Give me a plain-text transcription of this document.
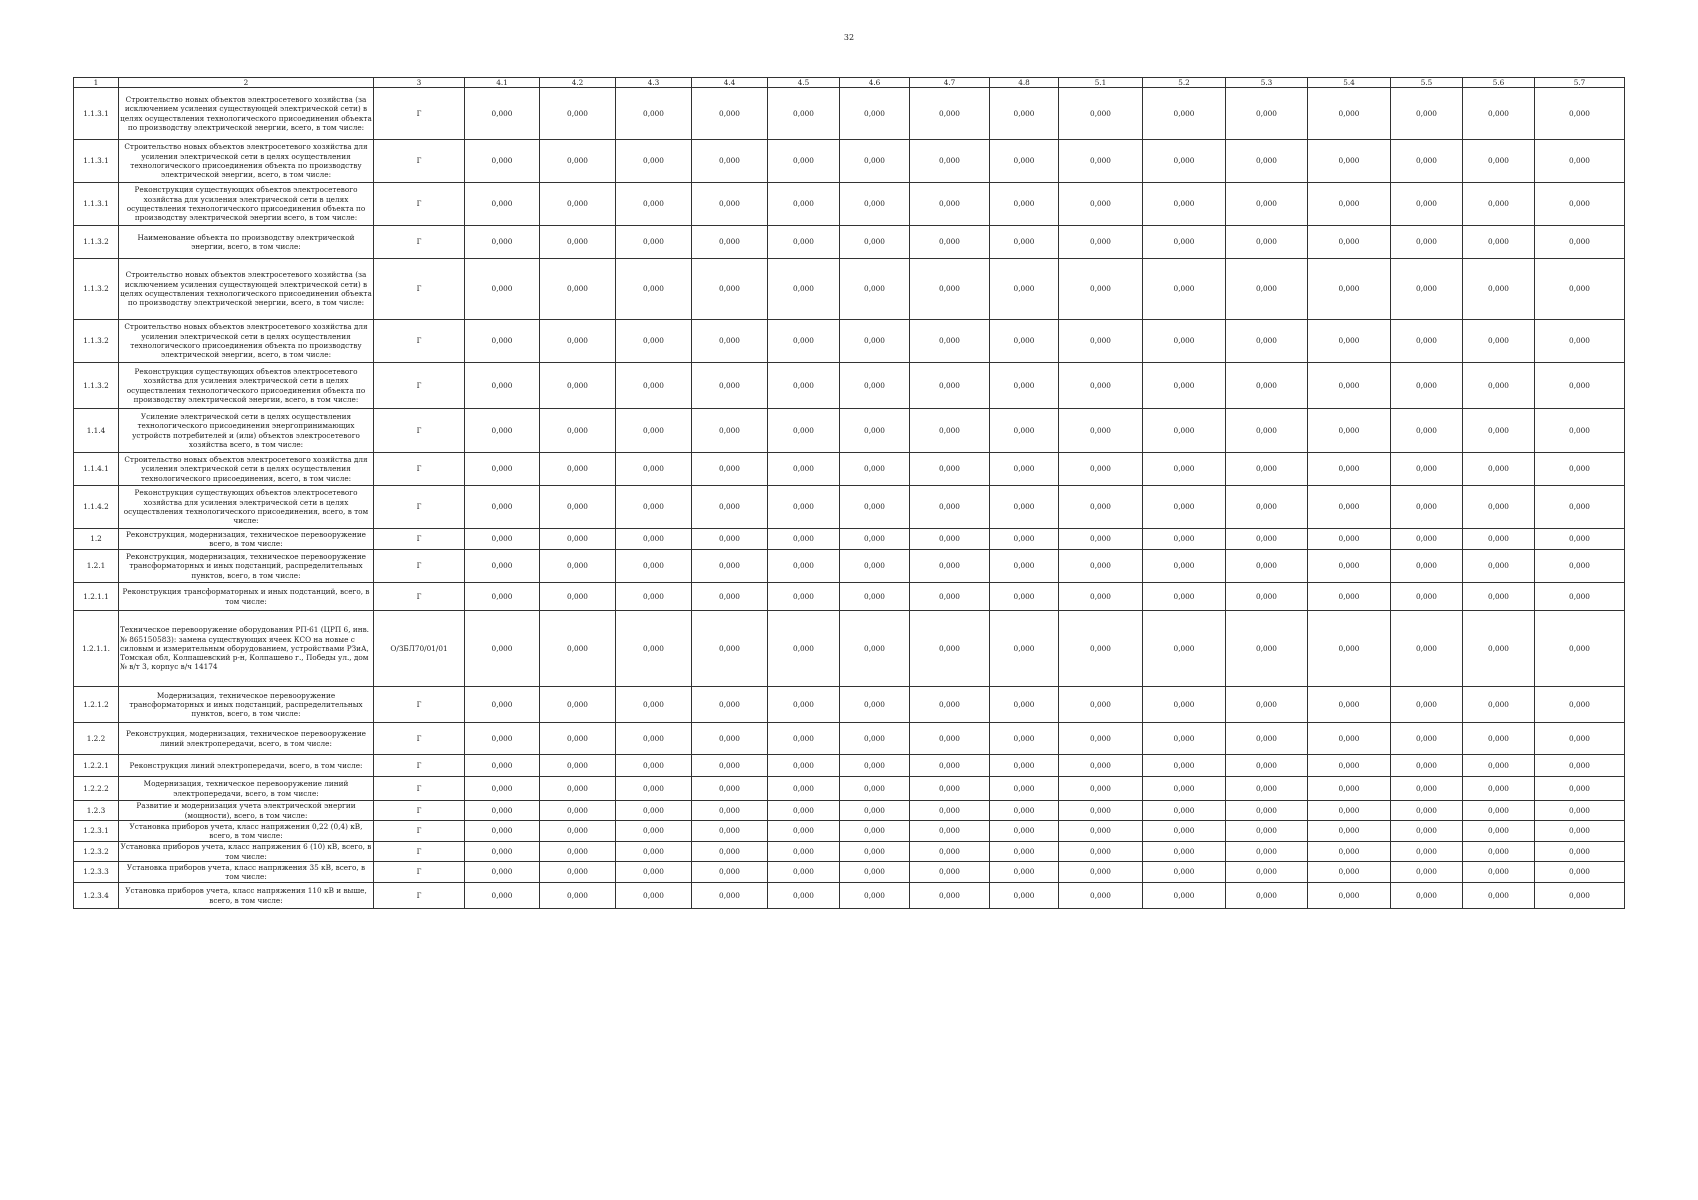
32
1	2	3	4.1	4.2	4.3	4.4	4.5	4.6	4.7	4.8	5.1	5.2	5.3	5.4	5.5	5.6	5.7
1.1.3.1	Строительство новых объектов электросетевого хозяйства (за исключением усиления существующей электрической сети) в целях осуществления технологического присоединения объекта по производству электрической энергии, всего, в том числе:	Г	0,000	0,000	0,000	0,000	0,000	0,000	0,000	0,000	0,000	0,000	0,000	0,000	0,000	0,000	0,000
1.1.3.1	Строительство новых объектов электросетевого хозяйства для усиления электрической сети в целях осуществления технологического присоединения объекта по производству электрической энергии, всего, в том числе:	Г	0,000	0,000	0,000	0,000	0,000	0,000	0,000	0,000	0,000	0,000	0,000	0,000	0,000	0,000	0,000
1.1.3.1	Реконструкция существующих объектов электросетевого хозяйства для усиления электрической сети в целях осуществления технологического присоединения объекта по производству электрической энергии всего, в том числе:	Г	0,000	0,000	0,000	0,000	0,000	0,000	0,000	0,000	0,000	0,000	0,000	0,000	0,000	0,000	0,000
1.1.3.2	Наименование объекта по производству электрической энергии, всего, в том числе:	Г	0,000	0,000	0,000	0,000	0,000	0,000	0,000	0,000	0,000	0,000	0,000	0,000	0,000	0,000	0,000
1.1.3.2	Строительство новых объектов электросетевого хозяйства (за исключением усиления существующей электрической сети) в целях осуществления технологического присоединения объекта по производству электрической энергии, всего, в том числе:	Г	0,000	0,000	0,000	0,000	0,000	0,000	0,000	0,000	0,000	0,000	0,000	0,000	0,000	0,000	0,000
1.1.3.2	Строительство новых объектов электросетевого хозяйства для усиления электрической сети в целях осуществления технологического присоединения объекта по производству электрической энергии, всего, в том числе:	Г	0,000	0,000	0,000	0,000	0,000	0,000	0,000	0,000	0,000	0,000	0,000	0,000	0,000	0,000	0,000
1.1.3.2	Реконструкция существующих объектов электросетевого хозяйства для усиления электрической сети в целях осуществления технологического присоединения объекта по производству электрической энергии, всего, в том числе:	Г	0,000	0,000	0,000	0,000	0,000	0,000	0,000	0,000	0,000	0,000	0,000	0,000	0,000	0,000	0,000
1.1.4	Усиление электрической сети в целях осуществления технологического присоединения энергопринимающих устройств потребителей и (или) объектов электросетевого хозяйства всего, в том числе:	Г	0,000	0,000	0,000	0,000	0,000	0,000	0,000	0,000	0,000	0,000	0,000	0,000	0,000	0,000	0,000
1.1.4.1	Строительство новых объектов электросетевого хозяйства для усиления электрической сети в целях осуществления технологического присоединения, всего, в том числе:	Г	0,000	0,000	0,000	0,000	0,000	0,000	0,000	0,000	0,000	0,000	0,000	0,000	0,000	0,000	0,000
1.1.4.2	Реконструкция существующих объектов электросетевого хозяйства для усиления электрической сети в целях осуществления технологического присоединения, всего, в том числе:	Г	0,000	0,000	0,000	0,000	0,000	0,000	0,000	0,000	0,000	0,000	0,000	0,000	0,000	0,000	0,000
1.2	Реконструкция, модернизация, техническое перевооружение всего, в том числе:	Г	0,000	0,000	0,000	0,000	0,000	0,000	0,000	0,000	0,000	0,000	0,000	0,000	0,000	0,000	0,000
1.2.1	Реконструкция, модернизация, техническое перевооружение трансформаторных и иных подстанций, распределительных пунктов, всего, в том числе:	Г	0,000	0,000	0,000	0,000	0,000	0,000	0,000	0,000	0,000	0,000	0,000	0,000	0,000	0,000	0,000
1.2.1.1	Реконструкция трансформаторных и иных подстанций, всего, в том числе:	Г	0,000	0,000	0,000	0,000	0,000	0,000	0,000	0,000	0,000	0,000	0,000	0,000	0,000	0,000	0,000
1.2.1.1.	Техническое перевооружение оборудования РП-61 (ЦРП 6, инв. № 865150583): замена существующих ячеек КСО на новые с силовым и измерительным оборудованием, устройствами РЗиА, Томская обл, Колпашевский р-н, Колпашево г., Победы ул., дом № в/т 3, корпус в/ч 14174	О/ЗБЛ70/01/01	0,000	0,000	0,000	0,000	0,000	0,000	0,000	0,000	0,000	0,000	0,000	0,000	0,000	0,000	0,000
1.2.1.2	Модернизация, техническое перевооружение трансформаторных и иных подстанций, распределительных пунктов, всего, в том числе:	Г	0,000	0,000	0,000	0,000	0,000	0,000	0,000	0,000	0,000	0,000	0,000	0,000	0,000	0,000	0,000
1.2.2	Реконструкция, модернизация, техническое перевооружение линий электропередачи, всего, в том числе:	Г	0,000	0,000	0,000	0,000	0,000	0,000	0,000	0,000	0,000	0,000	0,000	0,000	0,000	0,000	0,000
1.2.2.1	Реконструкция линий электропередачи, всего, в том числе:	Г	0,000	0,000	0,000	0,000	0,000	0,000	0,000	0,000	0,000	0,000	0,000	0,000	0,000	0,000	0,000
1.2.2.2	Модернизация, техническое перевооружение линий электропередачи, всего, в том числе:	Г	0,000	0,000	0,000	0,000	0,000	0,000	0,000	0,000	0,000	0,000	0,000	0,000	0,000	0,000	0,000
1.2.3	Развитие и модернизация учета электрической энергии (мощности), всего, в том числе:	Г	0,000	0,000	0,000	0,000	0,000	0,000	0,000	0,000	0,000	0,000	0,000	0,000	0,000	0,000	0,000
1.2.3.1	Установка приборов учета, класс напряжения 0,22 (0,4) кВ, всего, в том числе:	Г	0,000	0,000	0,000	0,000	0,000	0,000	0,000	0,000	0,000	0,000	0,000	0,000	0,000	0,000	0,000
1.2.3.2	Установка приборов учета, класс напряжения 6 (10) кВ, всего, в том числе:	Г	0,000	0,000	0,000	0,000	0,000	0,000	0,000	0,000	0,000	0,000	0,000	0,000	0,000	0,000	0,000
1.2.3.3	Установка приборов учета, класс напряжения 35 кВ, всего, в том числе:	Г	0,000	0,000	0,000	0,000	0,000	0,000	0,000	0,000	0,000	0,000	0,000	0,000	0,000	0,000	0,000
1.2.3.4	Установка приборов учета, класс напряжения 110 кВ и выше, всего, в том числе:	Г	0,000	0,000	0,000	0,000	0,000	0,000	0,000	0,000	0,000	0,000	0,000	0,000	0,000	0,000	0,000
